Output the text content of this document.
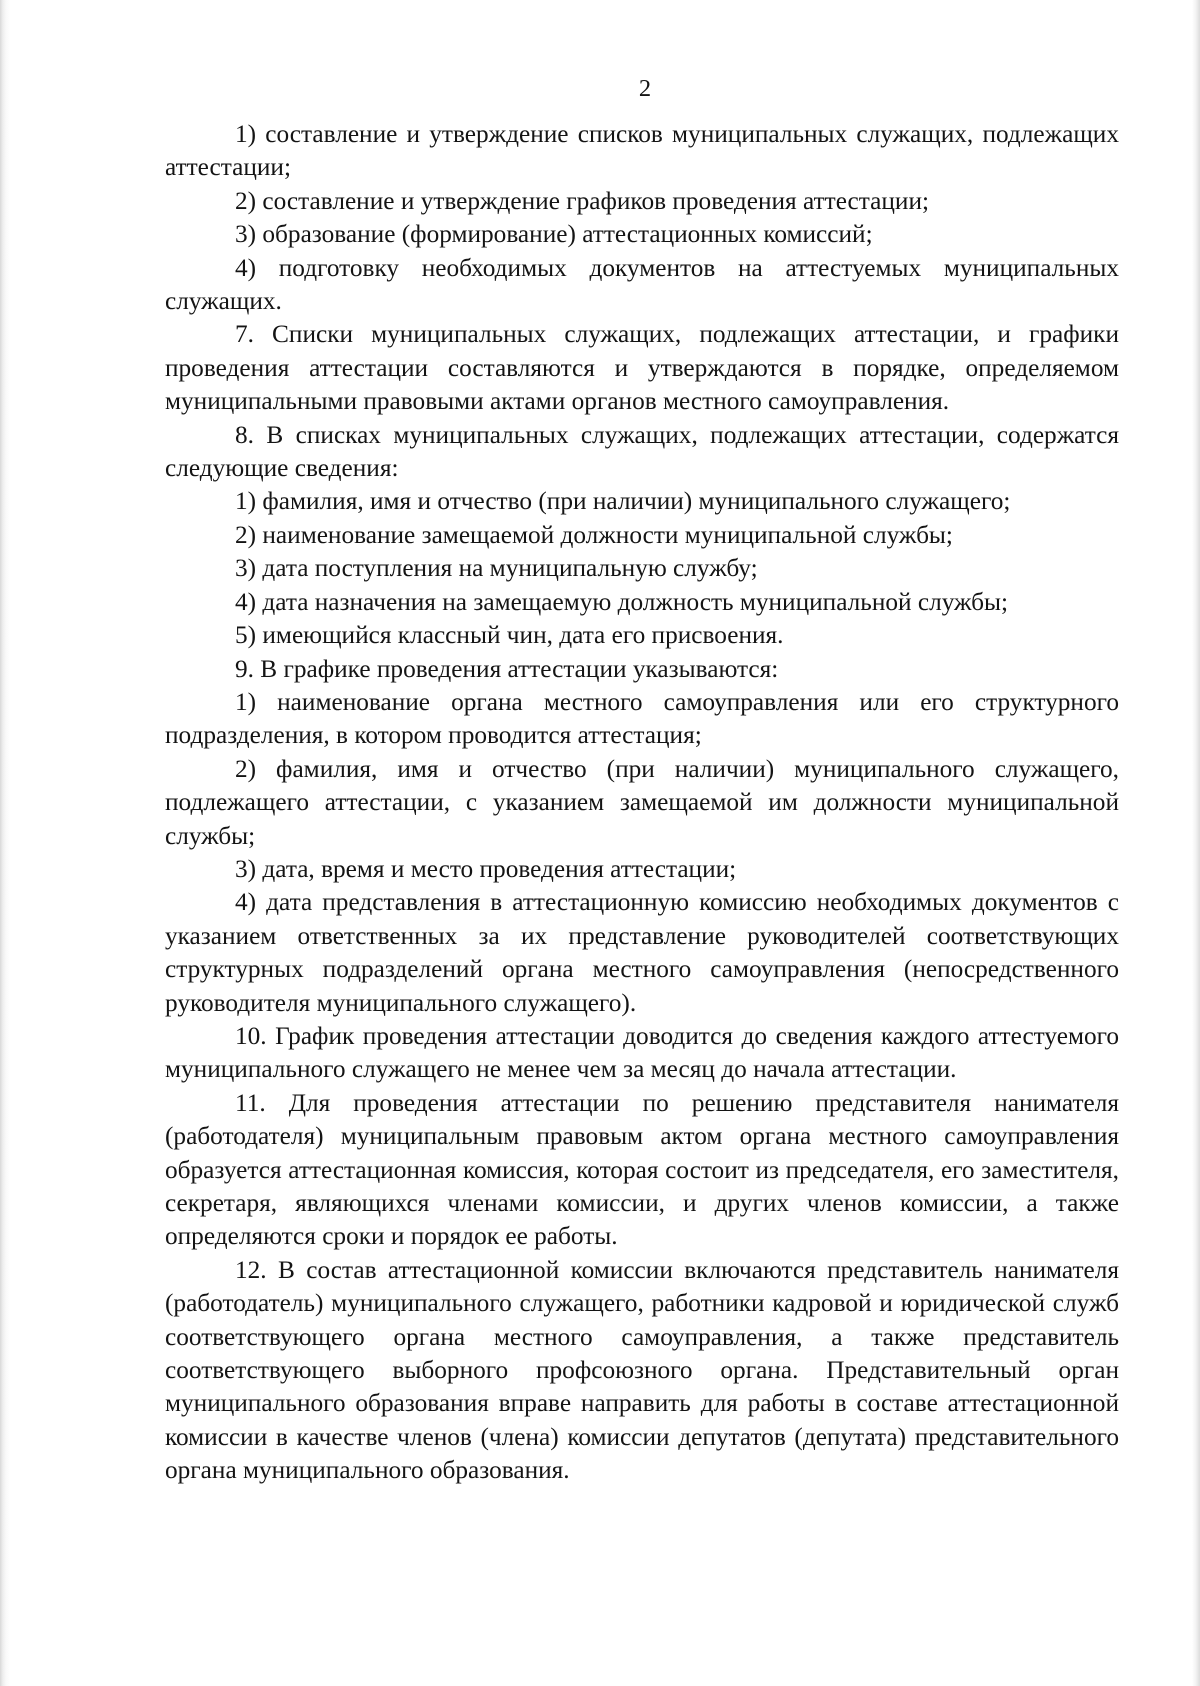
2

1) составление и утверждение списков муниципальных служащих, подлежащих аттестации;

2) составление и утверждение графиков проведения аттестации;

3) образование (формирование) аттестационных комиссий;

4) подготовку необходимых документов на аттестуемых муниципальных служащих.

7. Списки муниципальных служащих, подлежащих аттестации, и графики проведения аттестации составляются и утверждаются в порядке, определяемом муниципальными правовыми актами органов местного самоуправления.

8. В списках муниципальных служащих, подлежащих аттестации, содержатся следующие сведения:

1) фамилия, имя и отчество (при наличии) муниципального служащего;

2) наименование замещаемой должности муниципальной службы;

3) дата поступления на муниципальную службу;

4) дата назначения на замещаемую должность муниципальной службы;

5) имеющийся классный чин, дата его присвоения.

9. В графике проведения аттестации указываются:

1) наименование органа местного самоуправления или его структурного подразделения, в котором проводится аттестация;

2) фамилия, имя и отчество (при наличии) муниципального служащего, подлежащего аттестации, с указанием замещаемой им должности муниципальной службы;

3) дата, время и место проведения аттестации;

4) дата представления в аттестационную комиссию необходимых документов с указанием ответственных за их представление руководителей соответствующих структурных подразделений органа местного самоуправления (непосредственного руководителя муниципального служащего).

10. График проведения аттестации доводится до сведения каждого аттестуемого муниципального служащего не менее чем за месяц до начала аттестации.

11. Для проведения аттестации по решению представителя нанимателя (работодателя) муниципальным правовым актом органа местного самоуправления образуется аттестационная комиссия, которая состоит из председателя, его заместителя, секретаря, являющихся членами комиссии, и других членов комиссии, а также определяются сроки и порядок ее работы.

12. В состав аттестационной комиссии включаются представитель нанимателя (работодатель) муниципального служащего, работники кадровой и юридической служб соответствующего органа местного самоуправления, а также представитель соответствующего выборного профсоюзного органа. Представительный орган муниципального образования вправе направить для работы в составе аттестационной комиссии в качестве членов (члена) комиссии депутатов (депутата) представительного органа муниципального образования.
